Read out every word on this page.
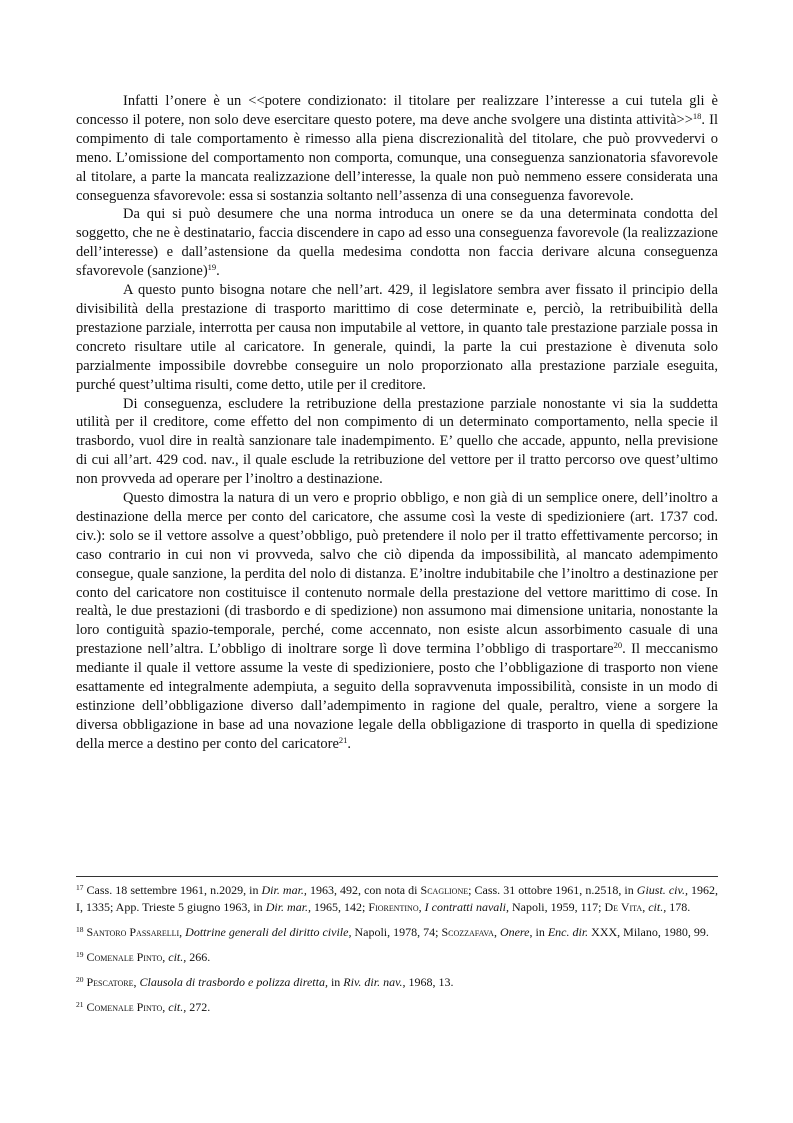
Infatti l’onere è un <<potere condizionato: il titolare per realizzare l’interesse a cui tutela gli è concesso il potere, non solo deve esercitare questo potere, ma deve anche svolgere una distinta attività>>$^{18}$. Il compimento di tale comportamento è rimesso alla piena discrezionalità del titolare, che può provvedervi o meno. L’omissione del comportamento non comporta, comunque, una conseguenza sanzionatoria sfavorevole al titolare, a parte la mancata realizzazione dell’interesse, la quale non può nemmeno essere considerata una conseguenza sfavorevole: essa si sostanzia soltanto nell’assenza di una conseguenza favorevole.

Da qui si può desumere che una norma introduca un onere se da una determinata condotta del soggetto, che ne è destinatario, faccia discendere in capo ad esso una conseguenza favorevole (la realizzazione dell’interesse) e dall’astensione da quella medesima condotta non faccia derivare alcuna conseguenza sfavorevole (sanzione)$^{19}$.

A questo punto bisogna notare che nell’art. 429, il legislatore sembra aver fissato il principio della divisibilità della prestazione di trasporto marittimo di cose determinate e, perciò, la retribuibilità della prestazione parziale, interrotta per causa non imputabile al vettore, in quanto tale prestazione parziale possa in concreto risultare utile al caricatore. In generale, quindi, la parte la cui prestazione è divenuta solo parzialmente impossibile dovrebbe conseguire un nolo proporzionato alla prestazione parziale eseguita, purché quest’ultima risulti, come detto, utile per il creditore.

Di conseguenza, escludere la retribuzione della prestazione parziale nonostante vi sia la suddetta utilità per il creditore, come effetto del non compimento di un determinato comportamento, nella specie il trasbordo, vuol dire in realtà sanzionare tale inadempimento. E’ quello che accade, appunto, nella previsione di cui all’art. 429 cod. nav., il quale esclude la retribuzione del vettore per il tratto percorso ove quest’ultimo non provveda ad operare per l’inoltro a destinazione.

Questo dimostra la natura di un vero e proprio obbligo, e non già di un semplice onere, dell’inoltro a destinazione della merce per conto del caricatore, che assume così la veste di spedizioniere (art. 1737 cod. civ.): solo se il vettore assolve a quest’obbligo, può pretendere il nolo per il tratto effettivamente percorso; in caso contrario in cui non vi provveda, salvo che ciò dipenda da impossibilità, al mancato adempimento consegue, quale sanzione, la perdita del nolo di distanza. E’inoltre indubitabile che l’inoltro a destinazione per conto del caricatore non costituisce il contenuto normale della prestazione del vettore marittimo di cose. In realtà, le due prestazioni (di trasbordo e di spedizione) non assumono mai dimensione unitaria, nonostante la loro contiguità spazio-temporale, perché, come accennato, non esiste alcun assorbimento casuale di una prestazione nell’altra. L’obbligo di inoltrare sorge lì dove termina l’obbligo di trasportare$^{20}$. Il meccanismo mediante il quale il vettore assume la veste di spedizioniere, posto che l’obbligazione di trasporto non viene esattamente ed integralmente adempiuta, a seguito della sopravvenuta impossibilità, consiste in un modo di estinzione dell’obbligazione diverso dall’adempimento in ragione del quale, peraltro, viene a sorgere la diversa obbligazione in base ad una novazione legale della obbligazione di trasporto in quella di spedizione della merce a destino per conto del caricatore$^{21}$.

$^{17}$ Cass. 18 settembre 1961, n.2029, in Dir. mar., 1963, 492, con nota di Scaglione; Cass. 31 ottobre 1961, n.2518, in Giust. civ., 1962, I, 1335; App. Trieste 5 giugno 1963, in Dir. mar., 1965, 142; Fiorentino, I contratti navali, Napoli, 1959, 117; De Vita, cit., 178.

$^{18}$ Santoro Passarelli, Dottrine generali del diritto civile, Napoli, 1978, 74; Scozzafava, Onere, in Enc. dir. XXX, Milano, 1980, 99.

$^{19}$ Comenale Pinto, cit., 266.

$^{20}$ Pescatore, Clausola di trasbordo e polizza diretta, in Riv. dir. nav., 1968, 13.

$^{21}$ Comenale Pinto, cit., 272.
